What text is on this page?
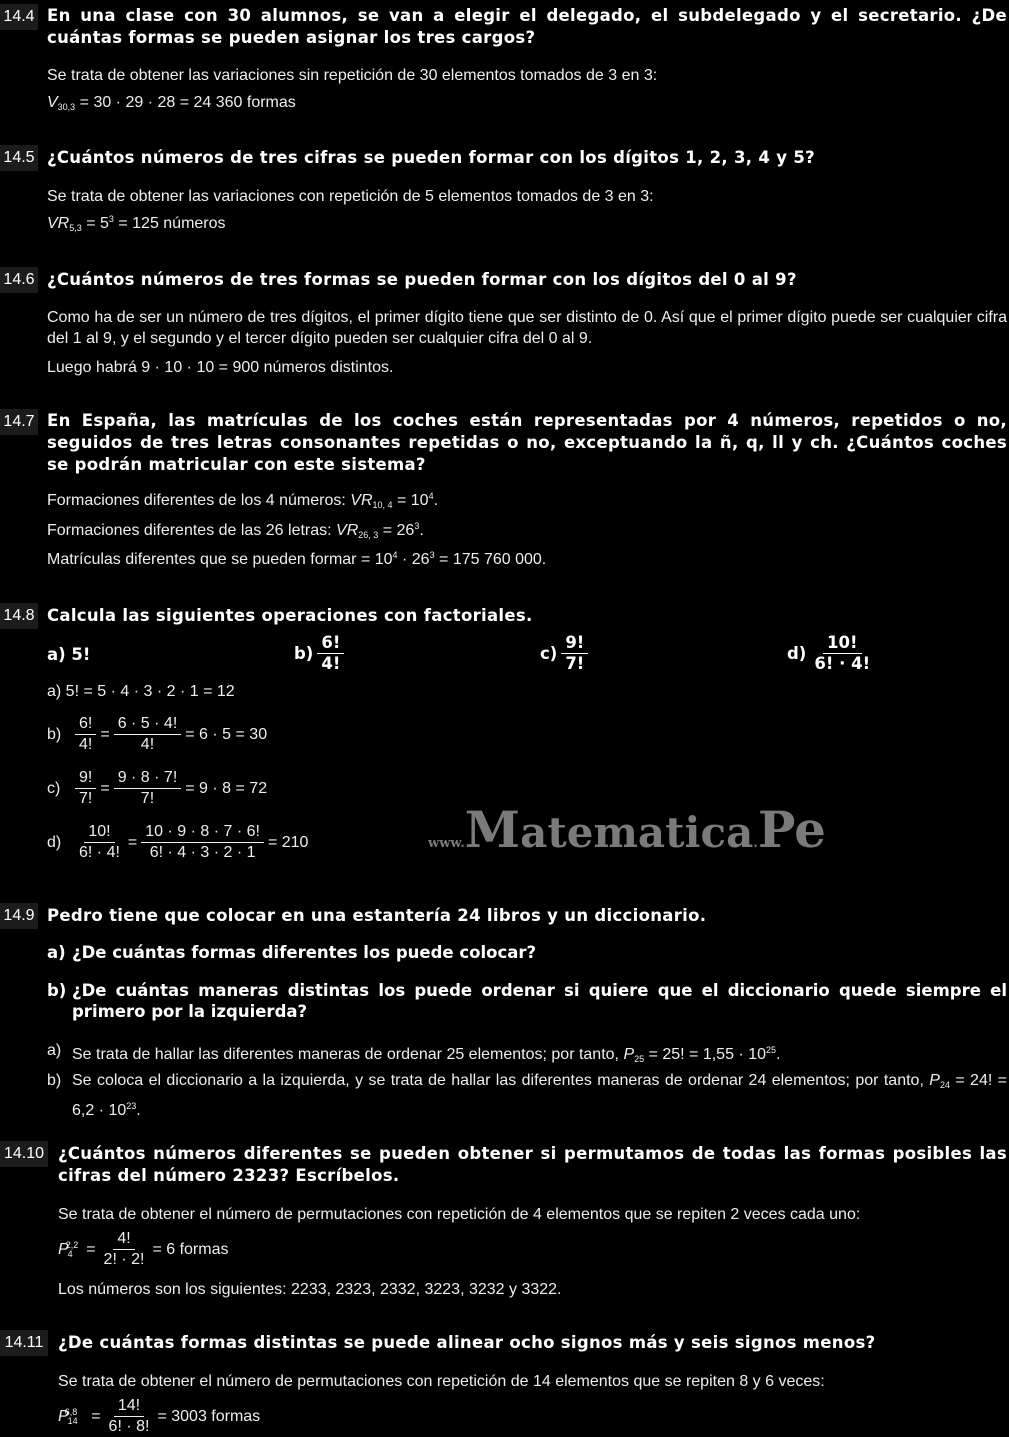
14.4 En una clase con 30 alumnos, se van a elegir el delegado, el subdelegado y el secretario. ¿De cuántas formas se pueden asignar los tres cargos?
Se trata de obtener las variaciones sin repetición de 30 elementos tomados de 3 en 3:
$V_{30,3} = 30 \cdot 29 \cdot 28 = 24$ 360 formas
14.5 ¿Cuántos números de tres cifras se pueden formar con los dígitos 1, 2, 3, 4 y 5?
Se trata de obtener las variaciones con repetición de 5 elementos tomados de 3 en 3:
$VR_{5,3} = 5^3 = 125$ números
14.6 ¿Cuántos números de tres formas se pueden formar con los dígitos del 0 al 9?
Como ha de ser un número de tres dígitos, el primer dígito tiene que ser distinto de 0. Así que el primer dígito puede ser cualquier cifra del 1 al 9, y el segundo y el tercer dígito pueden ser cualquier cifra del 0 al 9.
Luego habrá 9 · 10 · 10 = 900 números distintos.
14.7 En España, las matrículas de los coches están representadas por 4 números, repetidos o no, seguidos de tres letras consonantes repetidas o no, exceptuando la ñ, q, ll y ch. ¿Cuántos coches se podrán matricular con este sistema?
Formaciones diferentes de los 4 números: $VR_{10, 4} = 10^4$.
Formaciones diferentes de las 26 letras: $VR_{26, 3} = 26^3$.
Matrículas diferentes que se pueden formar = $10^4 \cdot 26^3 = 175$ 760 000.
14.8 Calcula las siguientes operaciones con factoriales.
a) 5!	$b) \frac{6!}{4!}$	$c) \frac{9!}{7!}$	$d) \frac{10!}{6! \cdot 4!}$
a) 5! = 5 · 4 · 3 · 2 · 1 = 12
$b) \frac{6!}{4!} = \frac{6 \cdot 5 \cdot 4!}{4!} = 6 \cdot 5 = 30$
$c) \frac{9!}{7!} = \frac{9 \cdot 8 \cdot 7!}{7!} = 9 \cdot 8 = 72$
$d) \frac{10!}{6! \cdot 4!} = \frac{10 \cdot 9 \cdot 8 \cdot 7 \cdot 6!}{6! \cdot 4 \cdot 3 \cdot 2 \cdot 1} = 210$	www. M atematica . Pe
14.9 Pedro tiene que colocar en una estantería 24 libros y un diccionario.
a) ¿De cuántas formas diferentes los puede colocar?
b) ¿De cuántas maneras distintas los puede ordenar si quiere que el diccionario quede siempre el primero por la izquierda?
a) Se trata de hallar las diferentes maneras de ordenar 25 elementos; por tanto, $P_{25} = 25$! = $1,55 \cdot 10^{25}$.
b) Se coloca el diccionario a la izquierda, y se trata de hallar las diferentes maneras de ordenar 24 elementos; por tanto, $P_{24} = 24$! = $6,2 \cdot 10^{23}$.
14.10 ¿Cuántos números diferentes se pueden obtener si permutamos de todas las formas posibles las cifras del número 2323? Escríbelos.
Se trata de obtener el número de permutaciones con repetición de 4 elementos que se repiten 2 veces cada uno:
$P_4^{2,2} = \frac{4!}{2! \cdot 2!} = 6$ formas
Los números son los siguientes: 2233, 2323, 2332, 3223, 3232 y 3322.
14.11 ¿De cuántas formas distintas se puede alinear ocho signos más y seis signos menos?
Se trata de obtener el número de permutaciones con repetición de 14 elementos que se repiten 8 y 6 veces:
$P_{14}^{6,8} = \frac{14!}{6! \cdot 8!} = 3003$ formas
